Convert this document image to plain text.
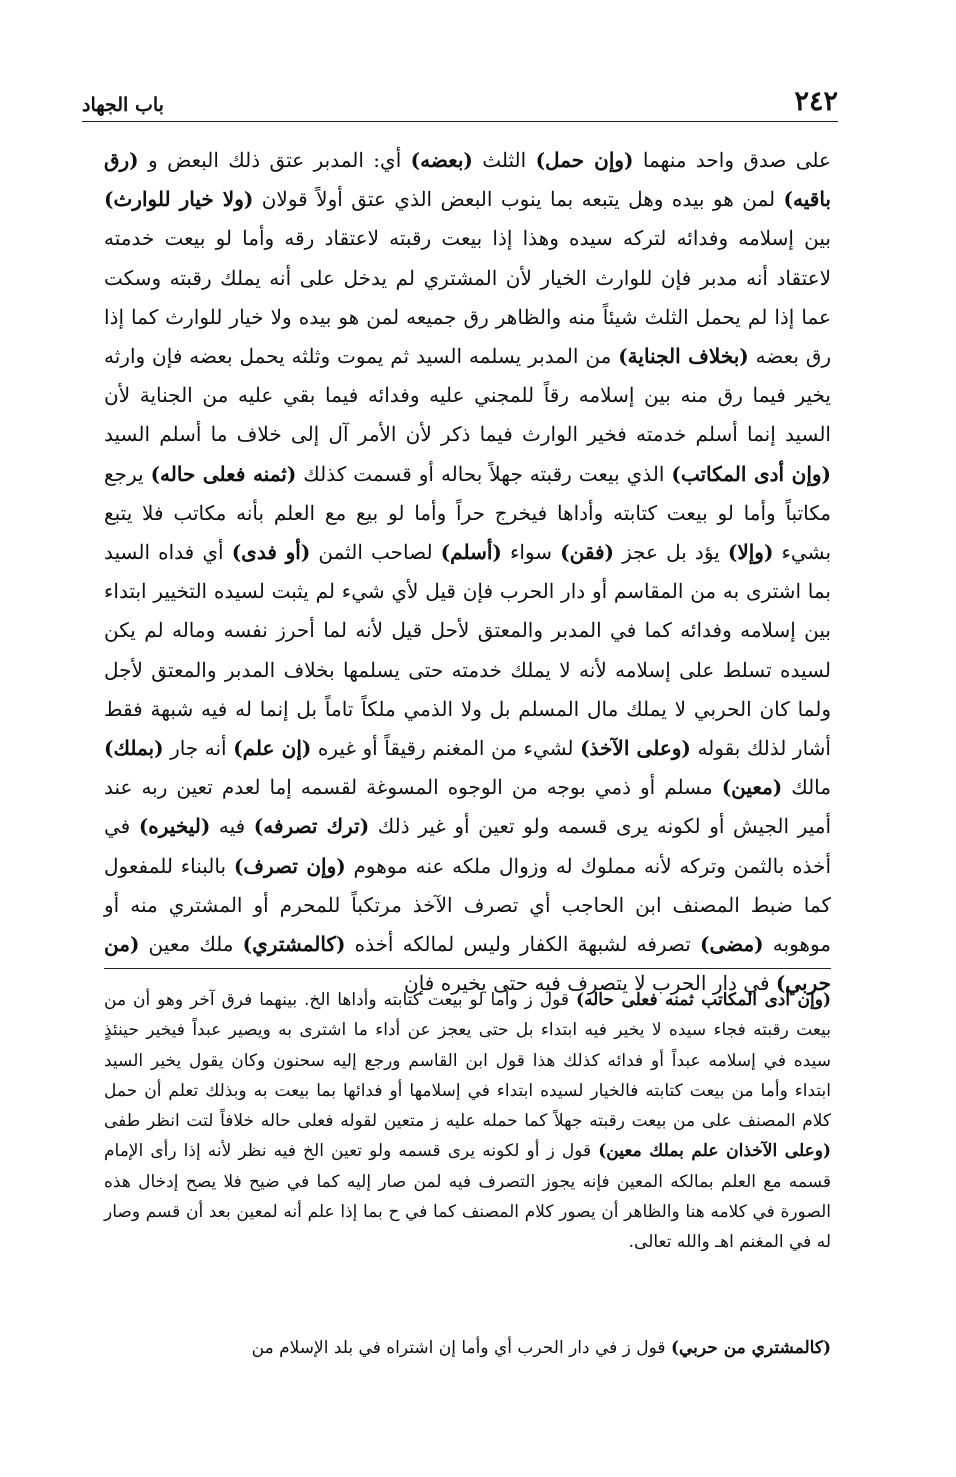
٢٤٢
باب الجهاد

على صدق واحد منهما (وإن حمل) الثلث (بعضه) أي: المدبر عتق ذلك البعض و (رق باقيه) لمن هو بيده وهل يتبعه بما ينوب البعض الذي عتق أولاً قولان (ولا خيار للوارث) بين إسلامه وفدائه لتركه سيده وهذا إذا بيعت رقبته لاعتقاد رقه وأما لو بيعت خدمته لاعتقاد أنه مدبر فإن للوارث الخيار لأن المشتري لم يدخل على أنه يملك رقبته وسكت عما إذا لم يحمل الثلث شيئاً منه والظاهر رق جميعه لمن هو بيده ولا خيار للوارث كما إذا رق بعضه (بخلاف الجناية) من المدبر يسلمه السيد ثم يموت وثلثه يحمل بعضه فإن وارثه يخير فيما رق منه بين إسلامه رقاً للمجني عليه وفدائه فيما بقي عليه من الجناية لأن السيد إنما أسلم خدمته فخير الوارث فيما ذكر لأن الأمر آل إلى خلاف ما أسلم السيد (وإن أدى المكاتب) الذي بيعت رقبته جهلاً بحاله أو قسمت كذلك (ثمنه فعلى حاله) يرجع مكاتباً وأما لو بيعت كتابته وأداها فيخرج حراً وأما لو بيع مع العلم بأنه مكاتب فلا يتبع بشيء (وإلا) يؤد بل عجز (فقن) سواء (أسلم) لصاحب الثمن (أو فدى) أي فداه السيد بما اشترى به من المقاسم أو دار الحرب فإن قيل لأي شيء لم يثبت لسيده التخيير ابتداء بين إسلامه وفدائه كما في المدبر والمعتق لأحل قيل لأنه لما أحرز نفسه وماله لم يكن لسيده تسلط على إسلامه لأنه لا يملك خدمته حتى يسلمها بخلاف المدبر والمعتق لأجل ولما كان الحربي لا يملك مال المسلم بل ولا الذمي ملكاً تاماً بل إنما له فيه شبهة فقط أشار لذلك بقوله (وعلى الآخذ) لشيء من المغنم رقيقاً أو غيره (إن علم) أنه جار (بملك) مالك (معين) مسلم أو ذمي بوجه من الوجوه المسوغة لقسمه إما لعدم تعين ربه عند أمير الجيش أو لكونه يرى قسمه ولو تعين أو غير ذلك (ترك تصرفه) فيه (ليخيره) في أخذه بالثمن وتركه لأنه مملوك له وزوال ملكه عنه موهوم (وإن تصرف) بالبناء للمفعول كما ضبط المصنف ابن الحاجب أي تصرف الآخذ مرتكباً للمحرم أو المشتري منه أو موهوبه (مضى) تصرفه لشبهة الكفار وليس لمالكه أخذه (كالمشتري) ملك معين (من حربي) في دار الحرب لا يتصرف فيه حتى يخيره فإن

(وإن أدى المكاتب ثمنه فعلى حاله) قول ز وأما لو بيعت كتابته وأداها الخ. بينهما فرق آخر وهو أن من بيعت رقبته فجاء سيده لا يخير فيه ابتداء بل حتى يعجز عن أداء ما اشترى به ويصير عبداً فيخير حينئذٍ سيده في إسلامه عبداً أو فدائه كذلك هذا قول ابن القاسم ورجع إليه سحنون وكان يقول يخير السيد ابتداء وأما من بيعت كتابته فالخيار لسيده ابتداء في إسلامها أو فدائها بما بيعت به وبذلك تعلم أن حمل كلام المصنف على من بيعت رقبته جهلاً كما حمله عليه ز متعين لقوله فعلى حاله خلافاً لتت انظر طفى (وعلى الآخذان علم بملك معين) قول ز أو لكونه يرى قسمه ولو تعين الخ فيه نظر لأنه إذا رأى الإمام قسمه مع العلم بمالكه المعين فإنه يجوز التصرف فيه لمن صار إليه كما في ضيح فلا يصح إدخال هذه الصورة في كلامه هنا والظاهر أن يصور كلام المصنف كما في ح بما إذا علم أنه لمعين بعد أن قسم وصار له في المغنم اهـ والله تعالى.

(كالمشتري من حربي) قول ز في دار الحرب أي وأما إن اشتراه في بلد الإسلام من
